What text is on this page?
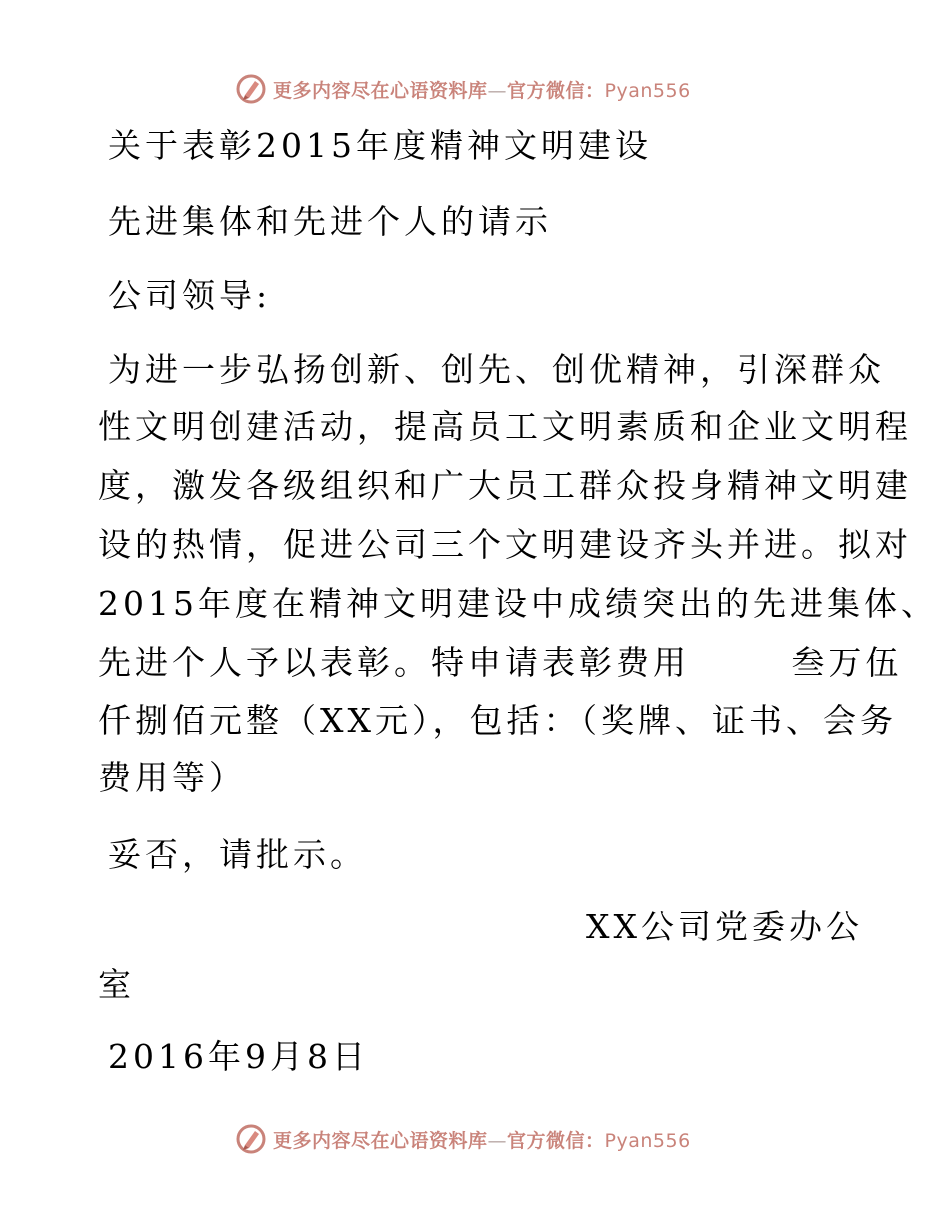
更多内容尽在心语资料库—官方微信：Pyan556
关于表彰2015年度精神文明建设
先进集体和先进个人的请示
公司领导:
为进一步弘扬创新、创先、创优精神，引深群众
性文明创建活动，提高员工文明素质和企业文明程
度，激发各级组织和广大员工群众投身精神文明建
设的热情，促进公司三个文明建设齐头并进。拟对
2015年度在精神文明建设中成绩突出的先进集体、
先进个人予以表彰。特申请表彰费用       叁万伍
仟捌佰元整（XX元），包括：（奖牌、证书、会务
费用等）
妥否，请批示。
XX公司党委办公
室
2016年9月8日
更多内容尽在心语资料库—官方微信：Pyan556
